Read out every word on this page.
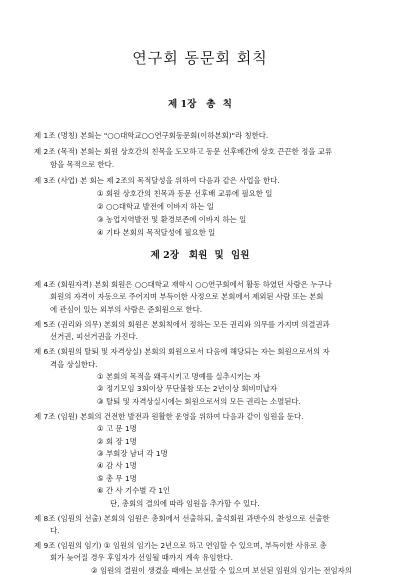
연구회 동문회 회칙
제 1장 총 칙
제 1조 (명칭) 본회는 "○○대학교○○연구회동문회(이하본회)"라 칭한다.
제 2조 (목적) 본회는 회원 상호간의 친목을 도모하고 동문 선후배간에 상호 끈끈한 정을 교류
함을 목적으로 한다.
제 3조 (사업) 본 회는 제 2조의 목적달성을 위하여 다음과 같은 사업을 한다.
① 회원 상호간의 친목과 동문 선후배 교류에 필요한 일
제 2장 회원 및 임원
제 4조 (회원자격) 본회 회원은 ○○대학교 재학시 ○○연구회에서 활동 하였던 사람은 누구나
회원의 자격이 자동으로 주어지며 부득이한 사정으로 본회에서 제외된 사람 또는 본회
에 관심이 있는 외부의 사람은 준회원으로 한다.
제 5조 (권리와 의무) 본회의 회원은 본회칙에서 정하는 모든 권리와 의무를 가지며 의결권과
선거권, 피선거권을 가진다.
제 6조 (회원의 탈퇴 및 자격상실) 본회의 회원으로서 다음에 해당되는 자는 회원으로서의 자
격을 상실한다.
① 본회의 목적을 왜곡시키고 명예를 실추시키는 자
② 정기모임 3회이상 무단불참 또는 2년이상 회비미납자
③ 탈퇴 및 자격상실시에는 회원으로서의 모든 권리는 소멸된다.
제 7조 (임원) 본회의 건전한 발전과 원활한 운영을 위하여 다음과 같이 임원을 둔다.
① 고 문 1명
② 회 장 1명
③ 부회장 남녀 각 1명
④ 감 사 1명
⑤ 총 무 1명
⑥ 간 사 기수별 각 1인
단, 총회의 결의에 따라 임원을 추가할 수 있다.
제 8조 (임원의 선출) 본회의 임원은 총회에서 선출하되, 출석회원 과반수의 찬성으로 선출한
다.
제 9조 (임원의 임기) ① 임원의 임기는 2년으로 하고 연임할 수 있으며, 부득이한 사유로 총
회가 늦어질 경우 후임자가 선임될 때까지 계속 유임한다.
② 임원의 결원이 생겼을 때에는 보선할 수 있으며 보선된 임원의 임기는 전임자의
② ○○대학교 발전에 이바지 하는 일
③ 농업지역발전 및 환경보존에 이바지 하는 일
④ 기타 본회의 목적달성에 필요한 일
